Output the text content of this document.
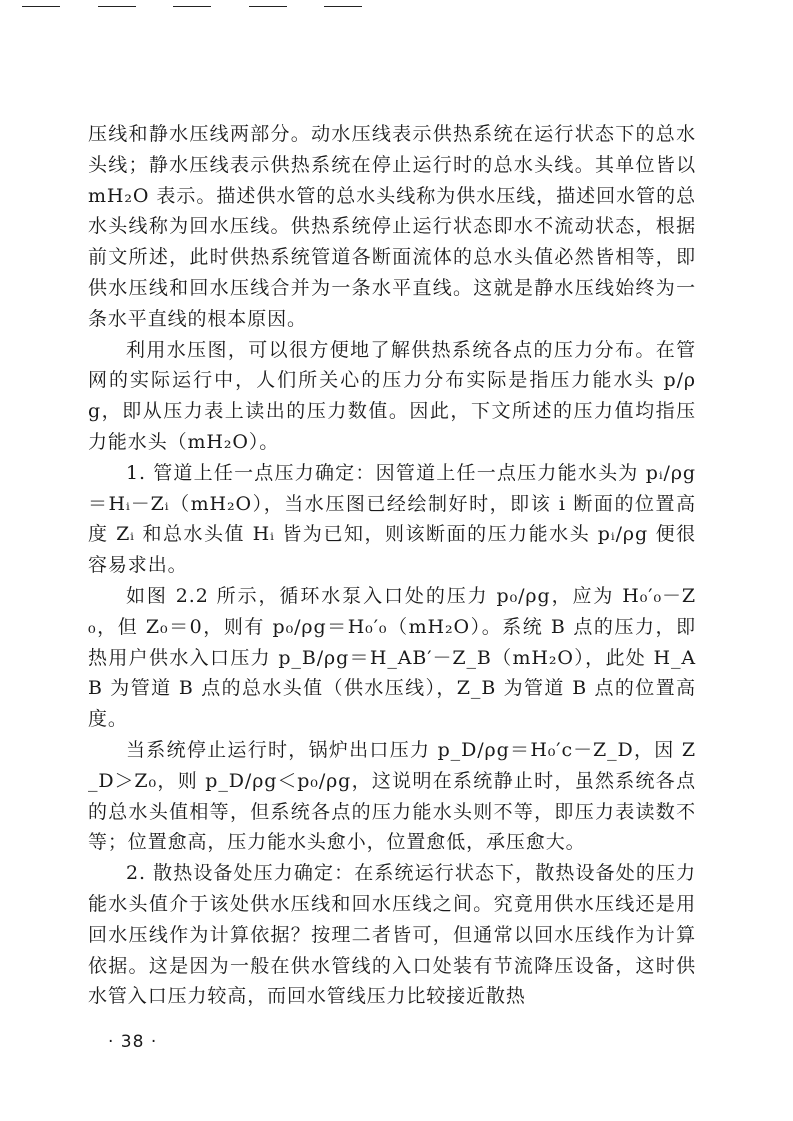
压线和静水压线两部分。动水压线表示供热系统在运行状态下的总水头线；静水压线表示供热系统在停止运行时的总水头线。其单位皆以 mH₂O 表示。描述供水管的总水头线称为供水压线，描述回水管的总水头线称为回水压线。供热系统停止运行状态即水不流动状态，根据前文所述，此时供热系统管道各断面流体的总水头值必然皆相等，即供水压线和回水压线合并为一条水平直线。这就是静水压线始终为一条水平直线的根本原因。

利用水压图，可以很方便地了解供热系统各点的压力分布。在管网的实际运行中，人们所关心的压力分布实际是指压力能水头 p/ρg，即从压力表上读出的压力数值。因此，下文所述的压力值均指压力能水头（mH₂O）。

1. 管道上任一点压力确定：因管道上任一点压力能水头为 pᵢ/ρg＝Hᵢ－Zᵢ（mH₂O），当水压图已经绘制好时，即该 i 断面的位置高度 Zᵢ 和总水头值 Hᵢ 皆为已知，则该断面的压力能水头 pᵢ/ρg 便很容易求出。

如图 2.2 所示，循环水泵入口处的压力 p₀/ρg，应为 H₀′₀－Z₀，但 Z₀＝0，则有 p₀/ρg＝H₀′₀（mH₂O）。系统 B 点的压力，即热用户供水入口压力 p_B/ρg＝H_AB′－Z_B（mH₂O），此处 H_AB 为管道 B 点的总水头值（供水压线），Z_B 为管道 B 点的位置高度。

当系统停止运行时，锅炉出口压力 p_D/ρg＝H₀′c－Z_D，因 Z_D＞Z₀，则 p_D/ρg＜p₀/ρg，这说明在系统静止时，虽然系统各点的总水头值相等，但系统各点的压力能水头则不等，即压力表读数不等；位置愈高，压力能水头愈小，位置愈低，承压愈大。

2. 散热设备处压力确定：在系统运行状态下，散热设备处的压力能水头值介于该处供水压线和回水压线之间。究竟用供水压线还是用回水压线作为计算依据？按理二者皆可，但通常以回水压线作为计算依据。这是因为一般在供水管线的入口处装有节流降压设备，这时供水管入口压力较高，而回水管线压力比较接近散热

· 38 ·
